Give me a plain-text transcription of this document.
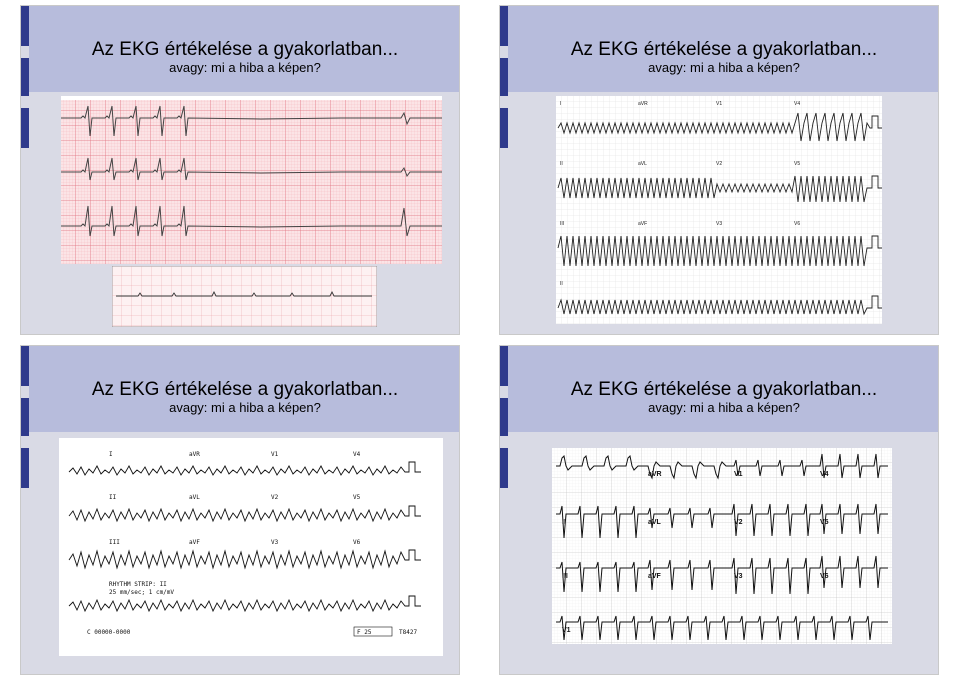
Az EKG értékelése a gyakorlatban...
avagy: mi a hiba a képen?
Az EKG értékelése a gyakorlatban...
avagy: mi a hiba a képen?
I	aVR	V1	V4
II	aVL	V2	V5
III	aVF	V3	V6
II
Az EKG értékelése a gyakorlatban...
avagy: mi a hiba a képen?
I	aVR	V1	V4
II	aVL	V2	V5
III	aVF	V3	V6
RHYTHM STRIP: II
25 mm/sec; 1 cm/mV
C 00000-0000	F 25	T8427
Az EKG értékelése a gyakorlatban...
avagy: mi a hiba a képen?
aVR	V1	V4
II	aVL	V2	V5
III	aVF	V3	V6
V1
